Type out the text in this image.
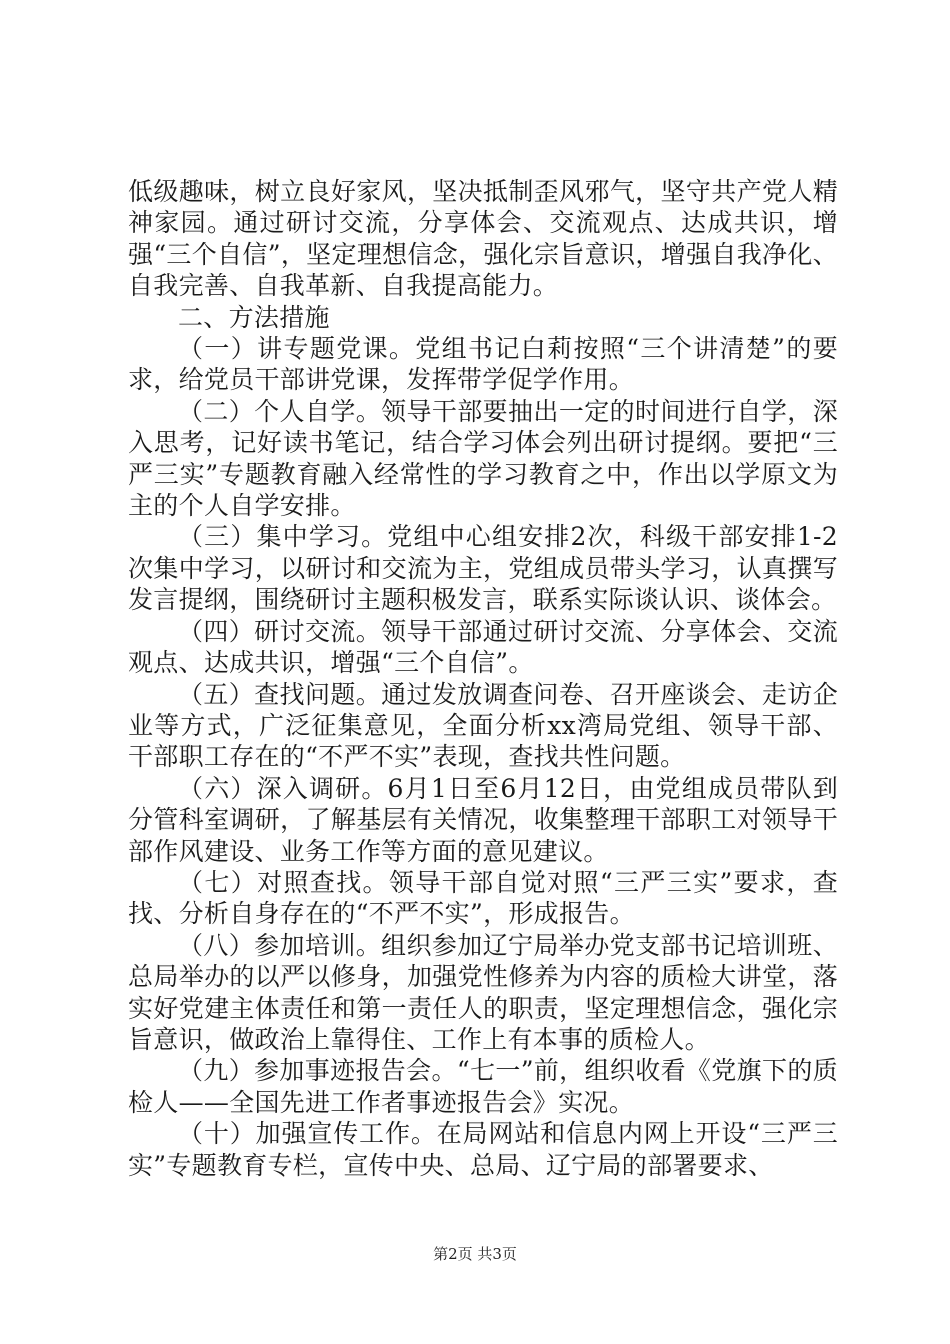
低级趣味，树立良好家风，坚决抵制歪风邪气，坚守共产党人精神家园。通过研讨交流，分享体会、交流观点、达成共识，增强“三个自信”，坚定理想信念，强化宗旨意识，增强自我净化、自我完善、自我革新、自我提高能力。

二、方法措施

（一）讲专题党课。党组书记白莉按照“三个讲清楚”的要求，给党员干部讲党课，发挥带学促学作用。

（二）个人自学。领导干部要抽出一定的时间进行自学，深入思考，记好读书笔记，结合学习体会列出研讨提纲。要把“三严三实”专题教育融入经常性的学习教育之中，作出以学原文为主的个人自学安排。

（三）集中学习。党组中心组安排2次，科级干部安排1-2次集中学习，以研讨和交流为主，党组成员带头学习，认真撰写发言提纲，围绕研讨主题积极发言，联系实际谈认识、谈体会。

（四）研讨交流。领导干部通过研讨交流、分享体会、交流观点、达成共识，增强“三个自信”。

（五）查找问题。通过发放调查问卷、召开座谈会、走访企业等方式，广泛征集意见，全面分析xx湾局党组、领导干部、干部职工存在的“不严不实”表现，查找共性问题。

（六）深入调研。6月1日至6月12日，由党组成员带队到分管科室调研，了解基层有关情况，收集整理干部职工对领导干部作风建设、业务工作等方面的意见建议。

（七）对照查找。领导干部自觉对照“三严三实”要求，查找、分析自身存在的“不严不实”，形成报告。

（八）参加培训。组织参加辽宁局举办党支部书记培训班、总局举办的以严以修身，加强党性修养为内容的质检大讲堂，落实好党建主体责任和第一责任人的职责，坚定理想信念，强化宗旨意识，做政治上靠得住、工作上有本事的质检人。

（九）参加事迹报告会。“七一”前，组织收看《党旗下的质检人——全国先进工作者事迹报告会》实况。

（十）加强宣传工作。在局网站和信息内网上开设“三严三实”专题教育专栏，宣传中央、总局、辽宁局的部署要求、

第2页 共3页
